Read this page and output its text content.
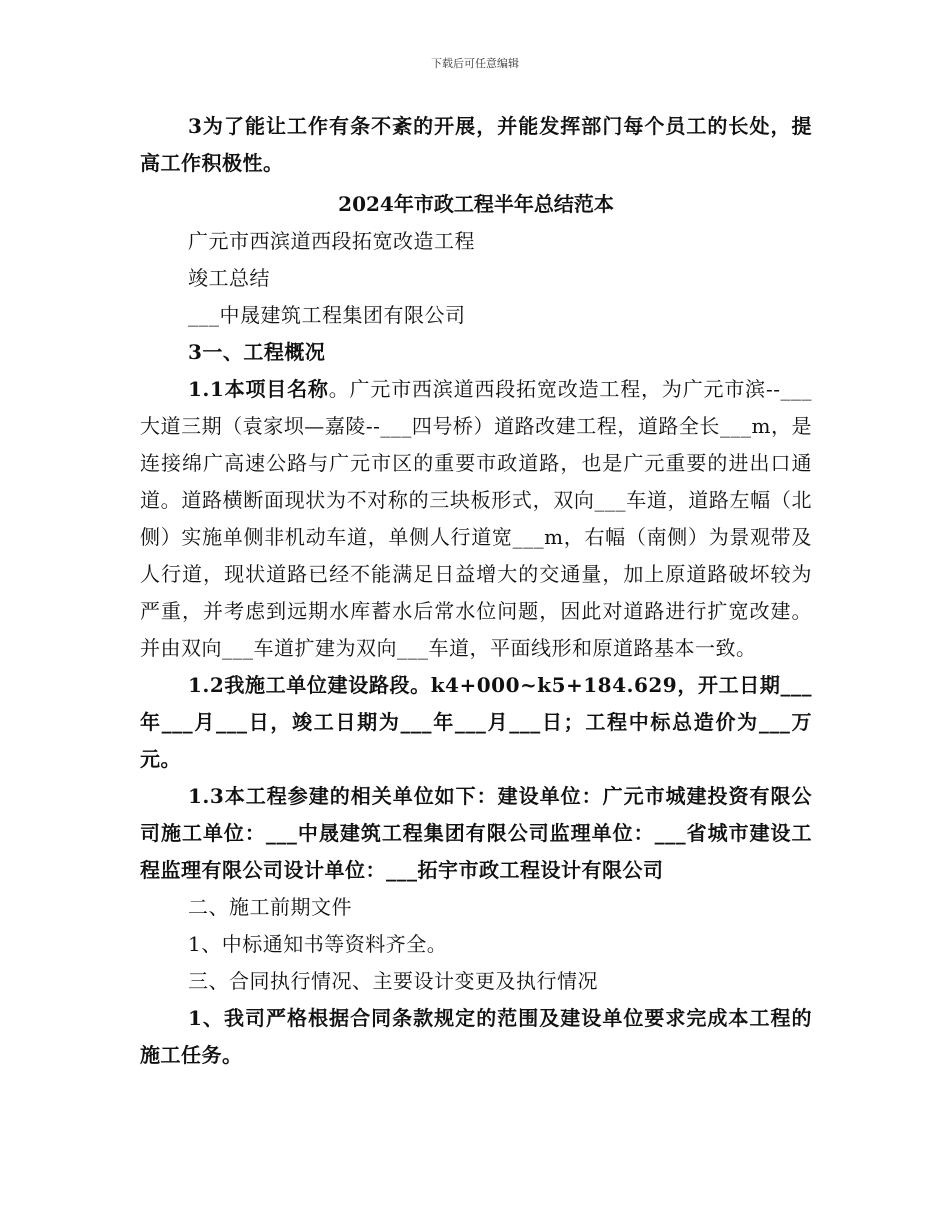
下载后可任意编辑

3为了能让工作有条不紊的开展，并能发挥部门每个员工的长处，提高工作积极性。

2024年市政工程半年总结范本

广元市西滨道西段拓宽改造工程

竣工总结

___中晟建筑工程集团有限公司

3一、工程概况

1.1本项目名称。广元市西滨道西段拓宽改造工程，为广元市滨--___大道三期（袁家坝—嘉陵--___四号桥）道路改建工程，道路全长___m，是连接绵广高速公路与广元市区的重要市政道路，也是广元重要的进出口通道。道路横断面现状为不对称的三块板形式，双向___车道，道路左幅（北侧）实施单侧非机动车道，单侧人行道宽___m，右幅（南侧）为景观带及人行道，现状道路已经不能满足日益增大的交通量，加上原道路破坏较为严重，并考虑到远期水库蓄水后常水位问题，因此对道路进行扩宽改建。并由双向___车道扩建为双向___车道，平面线形和原道路基本一致。

1.2我施工单位建设路段。k4+000~k5+184.629，开工日期___年___月___日，竣工日期为___年___月___日；工程中标总造价为___万元。

1.3本工程参建的相关单位如下：建设单位：广元市城建投资有限公司施工单位：___中晟建筑工程集团有限公司监理单位：___省城市建设工程监理有限公司设计单位：___拓宇市政工程设计有限公司

二、施工前期文件

1、中标通知书等资料齐全。

三、合同执行情况、主要设计变更及执行情况

1、我司严格根据合同条款规定的范围及建设单位要求完成本工程的施工任务。
